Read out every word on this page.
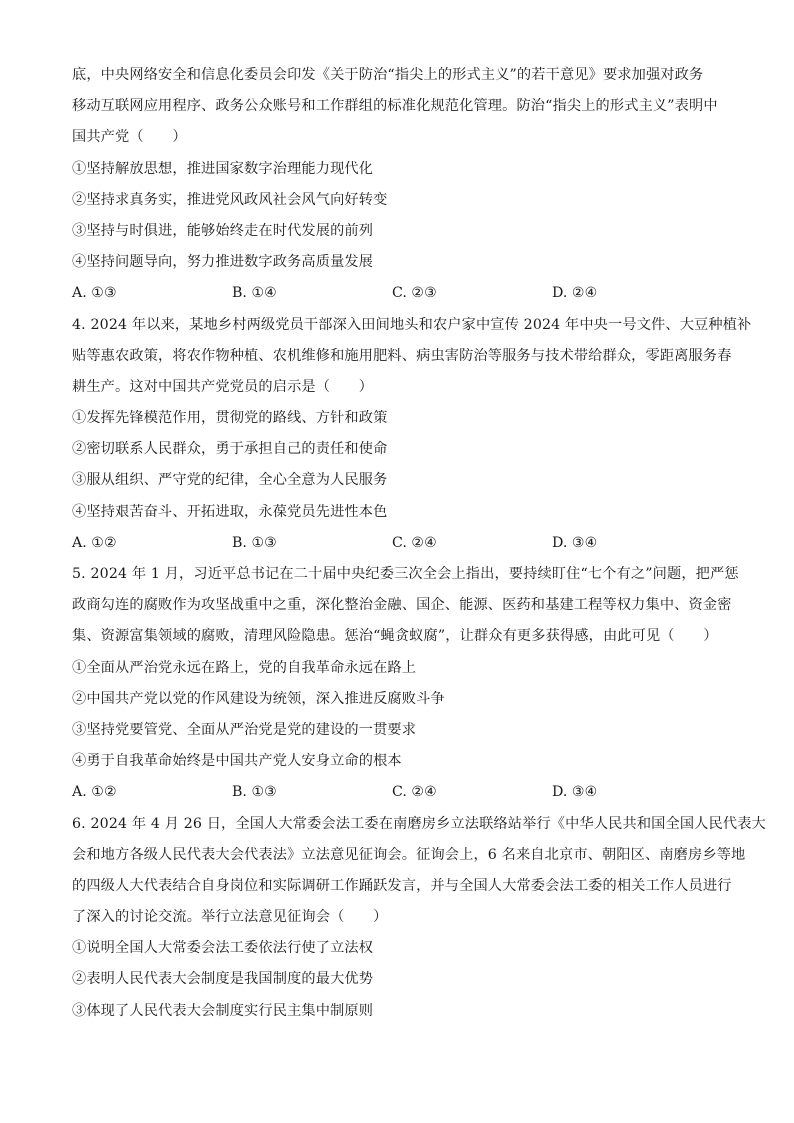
底，中央网络安全和信息化委员会印发《关于防治“指尖上的形式主义”的若干意见》要求加强对政务
移动互联网应用程序、政务公众账号和工作群组的标准化规范化管理。防治“指尖上的形式主义”表明中
国共产党（　　）
①坚持解放思想，推进国家数字治理能力现代化
②坚持求真务实，推进党风政风社会风气向好转变
③坚持与时俱进，能够始终走在时代发展的前列
④坚持问题导向，努力推进数字政务高质量发展
A. ①③	B. ①④	C. ②③	D. ②④
4. 2024 年以来，某地乡村两级党员干部深入田间地头和农户家中宣传 2024 年中央一号文件、大豆种植补
贴等惠农政策，将农作物种植、农机维修和施用肥料、病虫害防治等服务与技术带给群众，零距离服务春
耕生产。这对中国共产党党员的启示是（　　）
①发挥先锋模范作用，贯彻党的路线、方针和政策
②密切联系人民群众，勇于承担自己的责任和使命
③服从组织、严守党的纪律，全心全意为人民服务
④坚持艰苦奋斗、开拓进取，永葆党员先进性本色
A. ①②	B. ①③	C. ②④	D. ③④
5. 2024 年 1 月，习近平总书记在二十届中央纪委三次全会上指出，要持续盯住“七个有之”问题，把严惩
政商勾连的腐败作为攻坚战重中之重，深化整治金融、国企、能源、医药和基建工程等权力集中、资金密
集、资源富集领域的腐败，清理风险隐患。惩治“蝇贪蚁腐”，让群众有更多获得感，由此可见（　　）
①全面从严治党永远在路上，党的自我革命永远在路上
②中国共产党以党的作风建设为统领，深入推进反腐败斗争
③坚持党要管党、全面从严治党是党的建设的一贯要求
④勇于自我革命始终是中国共产党人安身立命的根本
A. ①②	B. ①③	C. ②④	D. ③④
6. 2024 年 4 月 26 日，全国人大常委会法工委在南磨房乡立法联络站举行《中华人民共和国全国人民代表大
会和地方各级人民代表大会代表法》立法意见征询会。征询会上，6 名来自北京市、朝阳区、南磨房乡等地
的四级人大代表结合自身岗位和实际调研工作踊跃发言，并与全国人大常委会法工委的相关工作人员进行
了深入的讨论交流。举行立法意见征询会（　　）
①说明全国人大常委会法工委依法行使了立法权
②表明人民代表大会制度是我国制度的最大优势
③体现了人民代表大会制度实行民主集中制原则
